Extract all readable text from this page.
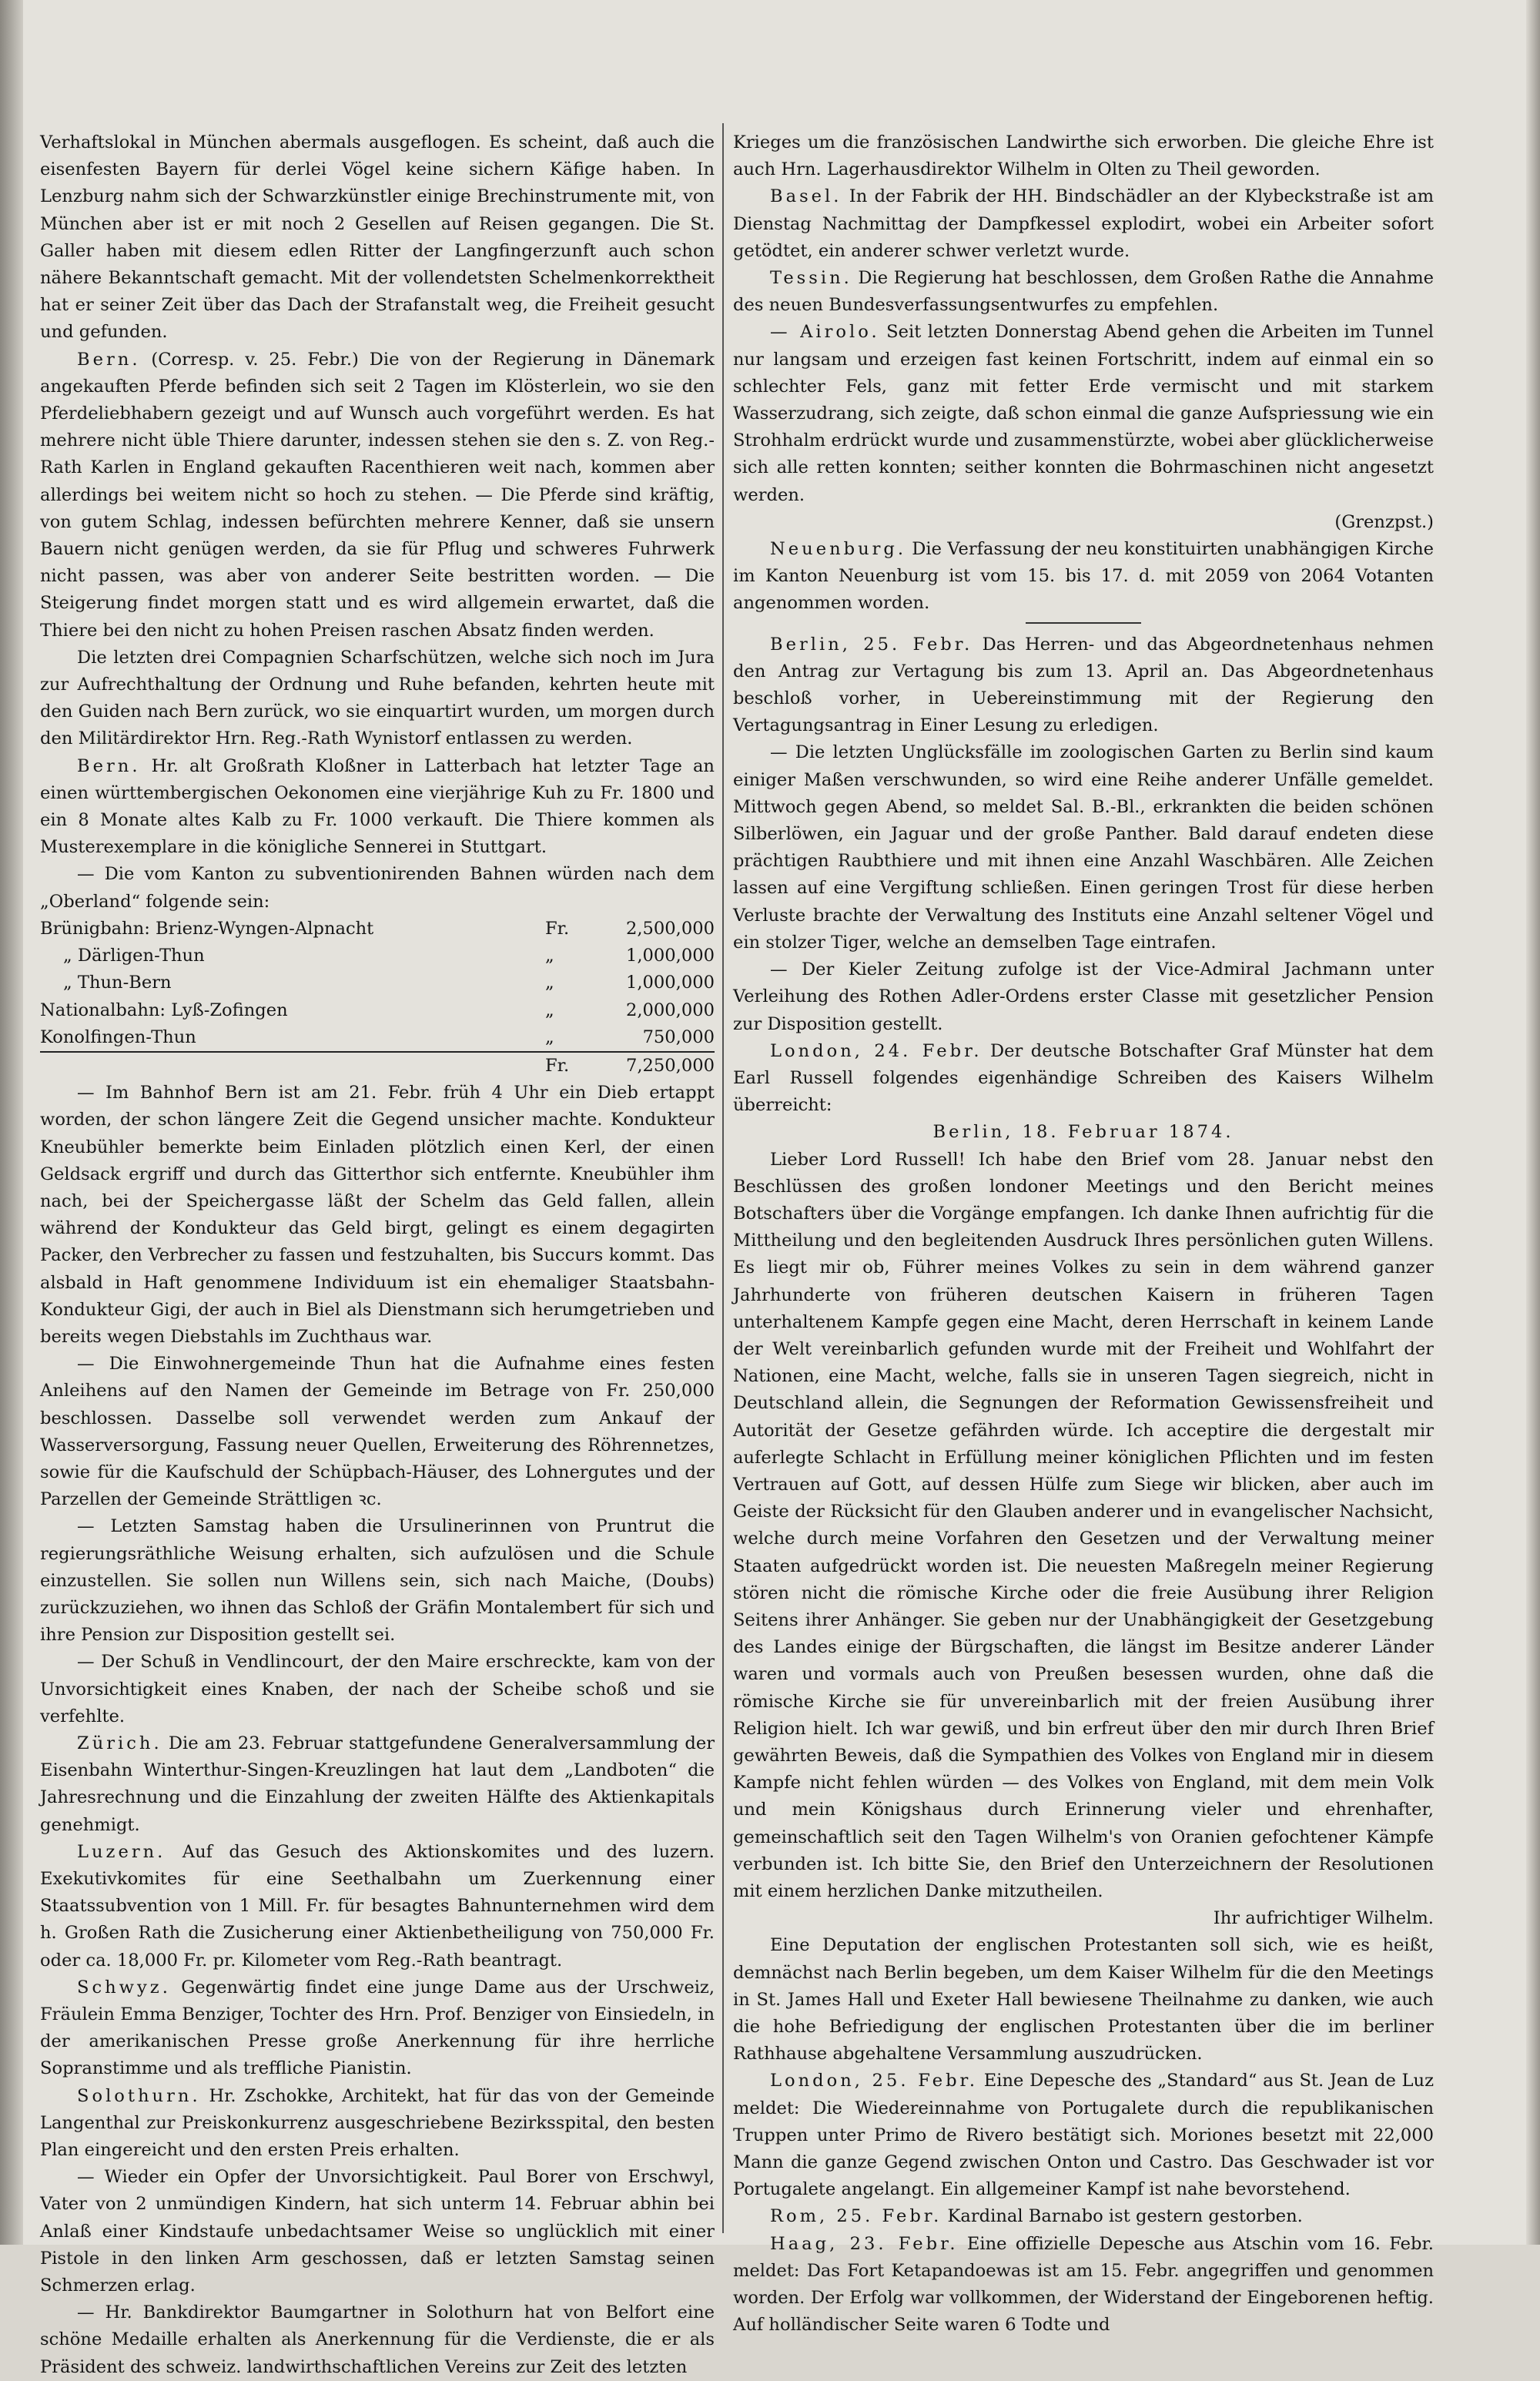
Verhaftslokal in München abermals ausgeflogen. Es scheint, daß auch die eisenfesten Bayern für derlei Vögel keine sichern Käfige haben. In Lenzburg nahm sich der Schwarzkünstler einige Brechinstrumente mit, von München aber ist er mit noch 2 Gesellen auf Reisen gegangen. Die St. Galler haben mit diesem edlen Ritter der Langfingerzunft auch schon nähere Bekanntschaft gemacht. Mit der vollendetsten Schelmenkorrektheit hat er seiner Zeit über das Dach der Strafanstalt weg, die Freiheit gesucht und gefunden.

Bern. (Corresp. v. 25. Febr.) Die von der Regierung in Dänemark angekauften Pferde befinden sich seit 2 Tagen im Klösterlein, wo sie den Pferdeliebhabern gezeigt und auf Wunsch auch vorgeführt werden. Es hat mehrere nicht üble Thiere darunter, indessen stehen sie den s. Z. von Reg.-Rath Karlen in England gekauften Racenthieren weit nach, kommen aber allerdings bei weitem nicht so hoch zu stehen. — Die Pferde sind kräftig, von gutem Schlag, indessen befürchten mehrere Kenner, daß sie unsern Bauern nicht genügen werden, da sie für Pflug und schweres Fuhrwerk nicht passen, was aber von anderer Seite bestritten worden. — Die Steigerung findet morgen statt und es wird allgemein erwartet, daß die Thiere bei den nicht zu hohen Preisen raschen Absatz finden werden.

Die letzten drei Compagnien Scharfschützen, welche sich noch im Jura zur Aufrechthaltung der Ordnung und Ruhe befanden, kehrten heute mit den Guiden nach Bern zurück, wo sie einquartirt wurden, um morgen durch den Militärdirektor Hrn. Reg.-Rath Wynistorf entlassen zu werden.

Bern. Hr. alt Großrath Kloßner in Latterbach hat letzter Tage an einen württembergischen Oekonomen eine vierjährige Kuh zu Fr. 1800 und ein 8 Monate altes Kalb zu Fr. 1000 verkauft. Die Thiere kommen als Musterexemplare in die königliche Sennerei in Stuttgart.

— Die vom Kanton zu subventionirenden Bahnen würden nach dem „Oberland“ folgende sein:

Brünigbahn: Brienz-Wyngen-Alpnacht	Fr.	2,500,000
„ Därligen-Thun	„	1,000,000
„ Thun-Bern	„	1,000,000
Nationalbahn: Lyß-Zofingen	„	2,000,000
Konolfingen-Thun	„	750,000
	Fr.	7,250,000

— Im Bahnhof Bern ist am 21. Febr. früh 4 Uhr ein Dieb ertappt worden, der schon längere Zeit die Gegend unsicher machte. Kondukteur Kneubühler bemerkte beim Einladen plötzlich einen Kerl, der einen Geldsack ergriff und durch das Gitterthor sich entfernte. Kneubühler ihm nach, bei der Speichergasse läßt der Schelm das Geld fallen, allein während der Kondukteur das Geld birgt, gelingt es einem degagirten Packer, den Verbrecher zu fassen und festzuhalten, bis Succurs kommt. Das alsbald in Haft genommene Individuum ist ein ehemaliger Staatsbahn-Kondukteur Gigi, der auch in Biel als Dienstmann sich herumgetrieben und bereits wegen Diebstahls im Zuchthaus war.

— Die Einwohnergemeinde Thun hat die Aufnahme eines festen Anleihens auf den Namen der Gemeinde im Betrage von Fr. 250,000 beschlossen. Dasselbe soll verwendet werden zum Ankauf der Wasserversorgung, Fassung neuer Quellen, Erweiterung des Röhrennetzes, sowie für die Kaufschuld der Schüpbach-Häuser, des Lohnergutes und der Parzellen der Gemeinde Strättligen ꝛc.

— Letzten Samstag haben die Ursulinerinnen von Pruntrut die regierungsräthliche Weisung erhalten, sich aufzulösen und die Schule einzustellen. Sie sollen nun Willens sein, sich nach Maiche, (Doubs) zurückzuziehen, wo ihnen das Schloß der Gräfin Montalembert für sich und ihre Pension zur Disposition gestellt sei.

— Der Schuß in Vendlincourt, der den Maire erschreckte, kam von der Unvorsichtigkeit eines Knaben, der nach der Scheibe schoß und sie verfehlte.

Zürich. Die am 23. Februar stattgefundene Generalversammlung der Eisenbahn Winterthur-Singen-Kreuzlingen hat laut dem „Landboten“ die Jahresrechnung und die Einzahlung der zweiten Hälfte des Aktienkapitals genehmigt.

Luzern. Auf das Gesuch des Aktionskomites und des luzern. Exekutivkomites für eine Seethalbahn um Zuerkennung einer Staatssubvention von 1 Mill. Fr. für besagtes Bahnunternehmen wird dem h. Großen Rath die Zusicherung einer Aktienbetheiligung von 750,000 Fr. oder ca. 18,000 Fr. pr. Kilometer vom Reg.-Rath beantragt.

Schwyz. Gegenwärtig findet eine junge Dame aus der Urschweiz, Fräulein Emma Benziger, Tochter des Hrn. Prof. Benziger von Einsiedeln, in der amerikanischen Presse große Anerkennung für ihre herrliche Sopranstimme und als treffliche Pianistin.

Solothurn. Hr. Zschokke, Architekt, hat für das von der Gemeinde Langenthal zur Preiskonkurrenz ausgeschriebene Bezirksspital, den besten Plan eingereicht und den ersten Preis erhalten.

— Wieder ein Opfer der Unvorsichtigkeit. Paul Borer von Erschwyl, Vater von 2 unmündigen Kindern, hat sich unterm 14. Februar abhin bei Anlaß einer Kindstaufe unbedachtsamer Weise so unglücklich mit einer Pistole in den linken Arm geschossen, daß er letzten Samstag seinen Schmerzen erlag.

— Hr. Bankdirektor Baumgartner in Solothurn hat von Belfort eine schöne Medaille erhalten als Anerkennung für die Verdienste, die er als Präsident des schweiz. landwirthschaftlichen Vereins zur Zeit des letzten

Krieges um die französischen Landwirthe sich erworben. Die gleiche Ehre ist auch Hrn. Lagerhausdirektor Wilhelm in Olten zu Theil geworden.

Basel. In der Fabrik der HH. Bindschädler an der Klybeckstraße ist am Dienstag Nachmittag der Dampfkessel explodirt, wobei ein Arbeiter sofort getödtet, ein anderer schwer verletzt wurde.

Tessin. Die Regierung hat beschlossen, dem Großen Rathe die Annahme des neuen Bundesverfassungsentwurfes zu empfehlen.

— Airolo. Seit letzten Donnerstag Abend gehen die Arbeiten im Tunnel nur langsam und erzeigen fast keinen Fortschritt, indem auf einmal ein so schlechter Fels, ganz mit fetter Erde vermischt und mit starkem Wasserzudrang, sich zeigte, daß schon einmal die ganze Aufspriessung wie ein Strohhalm erdrückt wurde und zusammenstürzte, wobei aber glücklicherweise sich alle retten konnten; seither konnten die Bohrmaschinen nicht angesetzt werden.

(Grenzpst.)

Neuenburg. Die Verfassung der neu konstituirten unabhängigen Kirche im Kanton Neuenburg ist vom 15. bis 17. d. mit 2059 von 2064 Votanten angenommen worden.

Berlin, 25. Febr. Das Herren- und das Abgeordnetenhaus nehmen den Antrag zur Vertagung bis zum 13. April an. Das Abgeordnetenhaus beschloß vorher, in Uebereinstimmung mit der Regierung den Vertagungsantrag in Einer Lesung zu erledigen.

— Die letzten Unglücksfälle im zoologischen Garten zu Berlin sind kaum einiger Maßen verschwunden, so wird eine Reihe anderer Unfälle gemeldet. Mittwoch gegen Abend, so meldet Sal. B.-Bl., erkrankten die beiden schönen Silberlöwen, ein Jaguar und der große Panther. Bald darauf endeten diese prächtigen Raubthiere und mit ihnen eine Anzahl Waschbären. Alle Zeichen lassen auf eine Vergiftung schließen. Einen geringen Trost für diese herben Verluste brachte der Verwaltung des Instituts eine Anzahl seltener Vögel und ein stolzer Tiger, welche an demselben Tage eintrafen.

— Der Kieler Zeitung zufolge ist der Vice-Admiral Jachmann unter Verleihung des Rothen Adler-Ordens erster Classe mit gesetzlicher Pension zur Disposition gestellt.

London, 24. Febr. Der deutsche Botschafter Graf Münster hat dem Earl Russell folgendes eigenhändige Schreiben des Kaisers Wilhelm überreicht:

Berlin, 18. Februar 1874.

Lieber Lord Russell! Ich habe den Brief vom 28. Januar nebst den Beschlüssen des großen londoner Meetings und den Bericht meines Botschafters über die Vorgänge empfangen. Ich danke Ihnen aufrichtig für die Mittheilung und den begleitenden Ausdruck Ihres persönlichen guten Willens. Es liegt mir ob, Führer meines Volkes zu sein in dem während ganzer Jahrhunderte von früheren deutschen Kaisern in früheren Tagen unterhaltenem Kampfe gegen eine Macht, deren Herrschaft in keinem Lande der Welt vereinbarlich gefunden wurde mit der Freiheit und Wohlfahrt der Nationen, eine Macht, welche, falls sie in unseren Tagen siegreich, nicht in Deutschland allein, die Segnungen der Reformation Gewissensfreiheit und Autorität der Gesetze gefährden würde. Ich acceptire die dergestalt mir auferlegte Schlacht in Erfüllung meiner königlichen Pflichten und im festen Vertrauen auf Gott, auf dessen Hülfe zum Siege wir blicken, aber auch im Geiste der Rücksicht für den Glauben anderer und in evangelischer Nachsicht, welche durch meine Vorfahren den Gesetzen und der Verwaltung meiner Staaten aufgedrückt worden ist. Die neuesten Maßregeln meiner Regierung stören nicht die römische Kirche oder die freie Ausübung ihrer Religion Seitens ihrer Anhänger. Sie geben nur der Unabhängigkeit der Gesetzgebung des Landes einige der Bürgschaften, die längst im Besitze anderer Länder waren und vormals auch von Preußen besessen wurden, ohne daß die römische Kirche sie für unvereinbarlich mit der freien Ausübung ihrer Religion hielt. Ich war gewiß, und bin erfreut über den mir durch Ihren Brief gewährten Beweis, daß die Sympathien des Volkes von England mir in diesem Kampfe nicht fehlen würden — des Volkes von England, mit dem mein Volk und mein Königshaus durch Erinnerung vieler und ehrenhafter, gemeinschaftlich seit den Tagen Wilhelm's von Oranien gefochtener Kämpfe verbunden ist. Ich bitte Sie, den Brief den Unterzeichnern der Resolutionen mit einem herzlichen Danke mitzutheilen.

Ihr aufrichtiger Wilhelm.

Eine Deputation der englischen Protestanten soll sich, wie es heißt, demnächst nach Berlin begeben, um dem Kaiser Wilhelm für die den Meetings in St. James Hall und Exeter Hall bewiesene Theilnahme zu danken, wie auch die hohe Befriedigung der englischen Protestanten über die im berliner Rathhause abgehaltene Versammlung auszudrücken.

London, 25. Febr. Eine Depesche des „Standard“ aus St. Jean de Luz meldet: Die Wiedereinnahme von Portugalete durch die republikanischen Truppen unter Primo de Rivero bestätigt sich. Moriones besetzt mit 22,000 Mann die ganze Gegend zwischen Onton und Castro. Das Geschwader ist vor Portugalete angelangt. Ein allgemeiner Kampf ist nahe bevorstehend.

Rom, 25. Febr. Kardinal Barnabo ist gestern gestorben.

Haag, 23. Febr. Eine offizielle Depesche aus Atschin vom 16. Febr. meldet: Das Fort Ketapandoewas ist am 15. Febr. angegriffen und genommen worden. Der Erfolg war vollkommen, der Widerstand der Eingeborenen heftig. Auf holländischer Seite waren 6 Todte und
